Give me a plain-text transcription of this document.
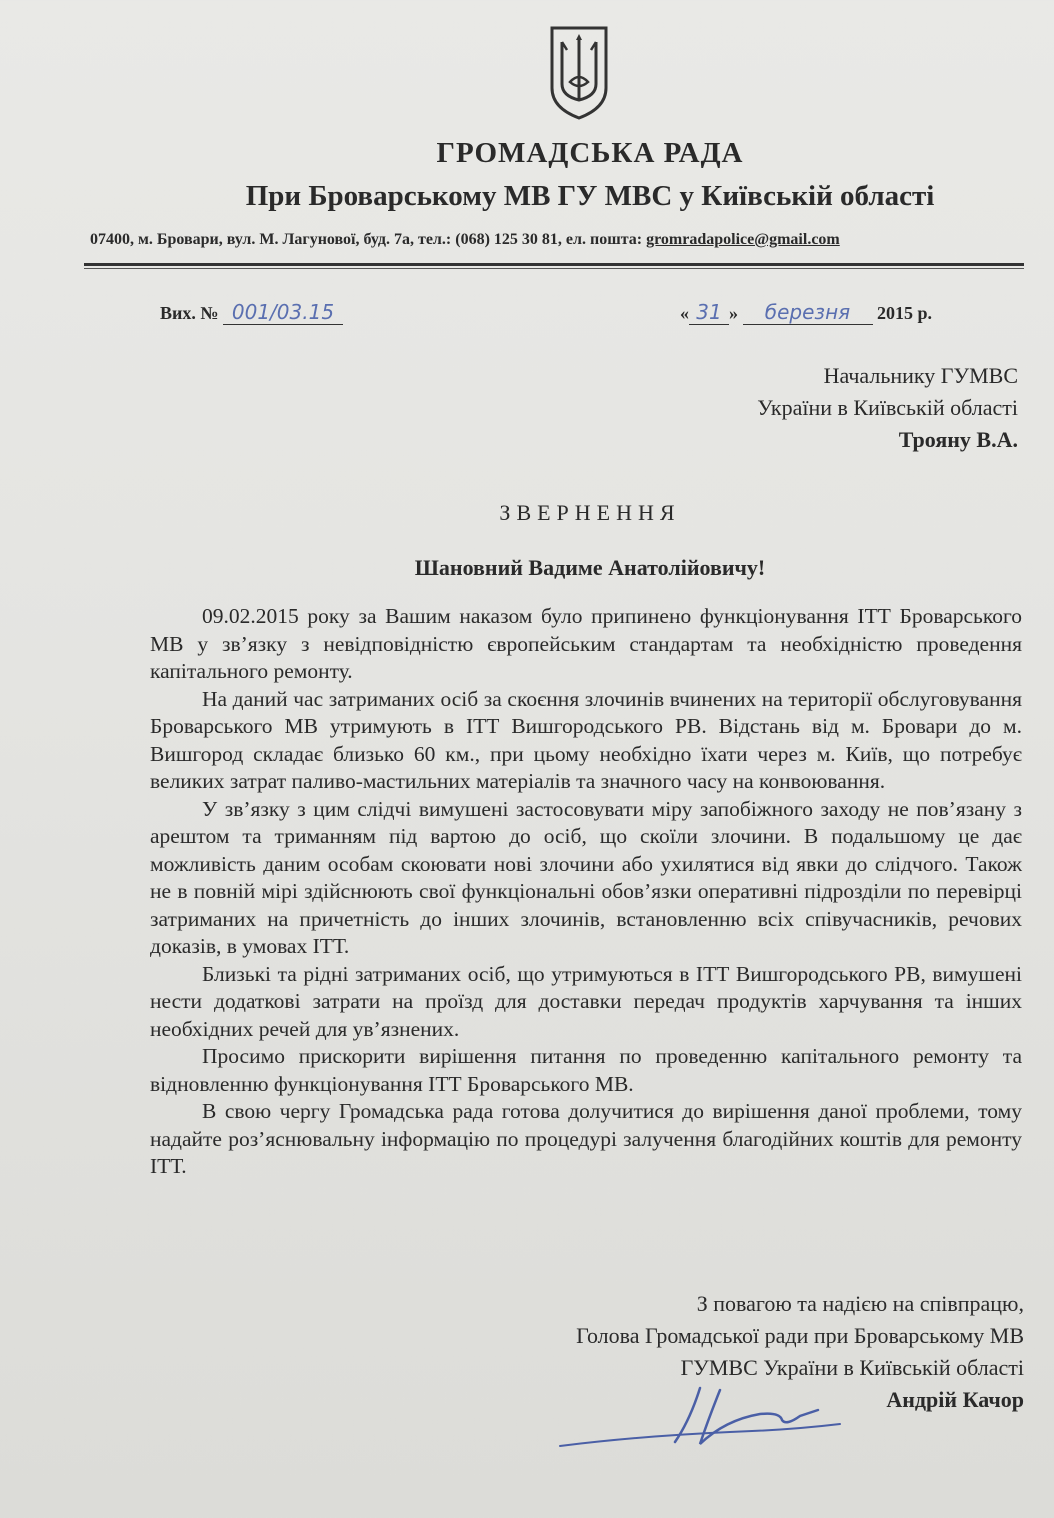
ГРОМАДСЬКА РАДА
При Броварському МВ ГУ МВС у Київській області
07400, м. Бровари, вул. М. Лагунової, буд. 7а, тел.: (068) 125 30 81, ел. пошта: gromradapolice@gmail.com
Вих. № 001/03.15	« 31 » березня 2015 р.
Начальнику ГУМВС
України в Київській області
Трояну В.А.
ЗВЕРНЕННЯ
Шановний Вадиме Анатолійовичу!

09.02.2015 року за Вашим наказом було припинено функціонування ІТТ Броварського МВ у зв’язку з невідповідністю європейським стандартам та необхідністю проведення капітального ремонту.

На даний час затриманих осіб за скоєння злочинів вчинених на території обслуговування Броварського МВ утримують в ІТТ Вишгородського РВ. Відстань від м. Бровари до м. Вишгород складає близько 60 км., при цьому необхідно їхати через м. Київ, що потребує великих затрат паливо-мастильних матеріалів та значного часу на конвоювання.

У зв’язку з цим слідчі вимушені застосовувати міру запобіжного заходу не пов’язану з арештом та триманням під вартою до осіб, що скоїли злочини. В подальшому це дає можливість даним особам скоювати нові злочини або ухилятися від явки до слідчого. Також не в повній мірі здійснюють свої функціональні обов’язки оперативні підрозділи по перевірці затриманих на причетність до інших злочинів, встановленню всіх співучасників, речових доказів, в умовах ІТТ.

Близькі та рідні затриманих осіб, що утримуються в ІТТ Вишгородського РВ, вимушені нести додаткові затрати на проїзд для доставки передач продуктів харчування та інших необхідних речей для ув’язнених.

Просимо прискорити вирішення питання по проведенню капітального ремонту та відновленню функціонування ІТТ Броварського МВ.

В свою чергу Громадська рада готова долучитися до вирішення даної проблеми, тому надайте роз’яснювальну інформацію по процедурі залучення благодійних коштів для ремонту ІТТ.

З повагою та надією на співпрацю,
Голова Громадської ради при Броварському МВ
ГУМВС України в Київській області
Андрій Качор
